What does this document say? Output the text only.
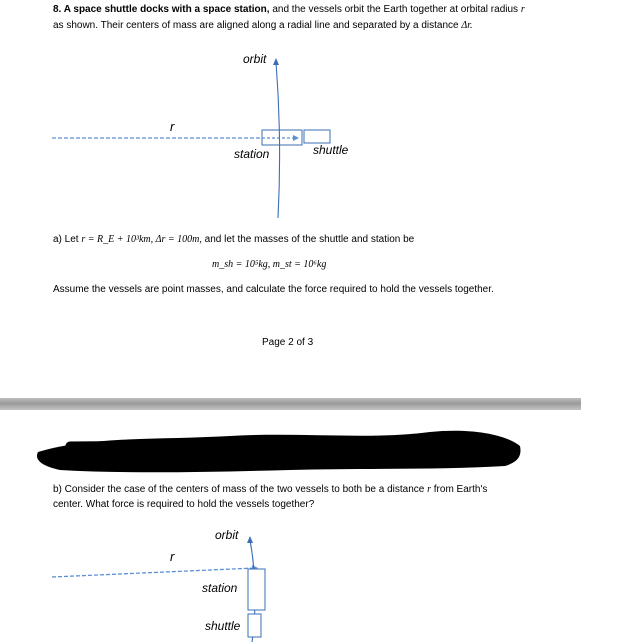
8. A space shuttle docks with a space station, and the vessels orbit the Earth together at orbital radius r
as shown. Their centers of mass are aligned along a radial line and separated by a distance Δr.
orbit
r
station	shuttle
a) Let r = R_E + 10³km, Δr = 100m, and let the masses of the shuttle and station be
m_sh = 10⁵kg, m_st = 10⁶kg
Assume the vessels are point masses, and calculate the force required to hold the vessels together.
Page 2 of 3
b) Consider the case of the centers of mass of the two vessels to both be a distance r from Earth's
center. What force is required to hold the vessels together?
orbit
r
station
shuttle
